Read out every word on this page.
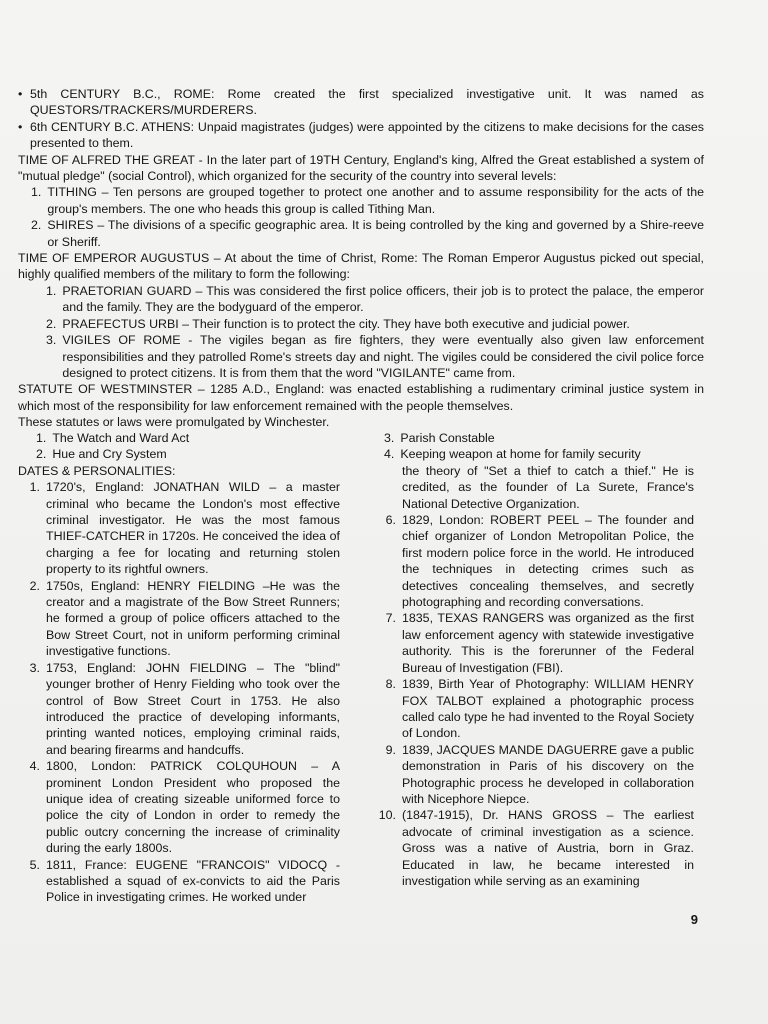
• 5th CENTURY B.C., ROME: Rome created the first specialized investigative unit. It was named as QUESTORS/TRACKERS/MURDERERS.
• 6th CENTURY B.C. ATHENS: Unpaid magistrates (judges) were appointed by the citizens to make decisions for the cases presented to them.

TIME OF ALFRED THE GREAT - In the later part of 19TH Century, England's king, Alfred the Great established a system of "mutual pledge" (social Control), which organized for the security of the country into several levels:

1. TITHING – Ten persons are grouped together to protect one another and to assume responsibility for the acts of the group's members. The one who heads this group is called Tithing Man.
2. SHIRES – The divisions of a specific geographic area. It is being controlled by the king and governed by a Shire-reeve or Sheriff.

TIME OF EMPEROR AUGUSTUS – At about the time of Christ, Rome: The Roman Emperor Augustus picked out special, highly qualified members of the military to form the following:

1. PRAETORIAN GUARD – This was considered the first police officers, their job is to protect the palace, the emperor and the family. They are the bodyguard of the emperor.
2. PRAEFECTUS URBI – Their function is to protect the city. They have both executive and judicial power.
3. VIGILES OF ROME - The vigiles began as fire fighters, they were eventually also given law enforcement responsibilities and they patrolled Rome's streets day and night. The vigiles could be considered the civil police force designed to protect citizens. It is from them that the word "VIGILANTE" came from.

STATUTE OF WESTMINSTER – 1285 A.D., England: was enacted establishing a rudimentary criminal justice system in which most of the responsibility for law enforcement remained with the people themselves.

These statutes or laws were promulgated by Winchester.

1. The Watch and Ward Act
2. Hue and Cry System
DATES & PERSONALITIES:
1. 1720's, England: JONATHAN WILD – a master criminal who became the London's most effective criminal investigator. He was the most famous THIEF-CATCHER in 1720s. He conceived the idea of charging a fee for locating and returning stolen property to its rightful owners.
2. 1750s, England: HENRY FIELDING –He was the creator and a magistrate of the Bow Street Runners; he formed a group of police officers attached to the Bow Street Court, not in uniform performing criminal investigative functions.
3. 1753, England: JOHN FIELDING – The "blind" younger brother of Henry Fielding who took over the control of Bow Street Court in 1753. He also introduced the practice of developing informants, printing wanted notices, employing criminal raids, and bearing firearms and handcuffs.
4. 1800, London: PATRICK COLQUHOUN – A prominent London President who proposed the unique idea of creating sizeable uniformed force to police the city of London in order to remedy the public outcry concerning the increase of criminality during the early 1800s.
5. 1811, France: EUGENE "FRANCOIS" VIDOCQ - established a squad of ex-convicts to aid the Paris Police in investigating crimes. He worked under
3. Parish Constable
4. Keeping weapon at home for family security
the theory of "Set a thief to catch a thief." He is credited, as the founder of La Surete, France's National Detective Organization.
6. 1829, London: ROBERT PEEL – The founder and chief organizer of London Metropolitan Police, the first modern police force in the world. He introduced the techniques in detecting crimes such as detectives concealing themselves, and secretly photographing and recording conversations.
7. 1835, TEXAS RANGERS was organized as the first law enforcement agency with statewide investigative authority. This is the forerunner of the Federal Bureau of Investigation (FBI).
8. 1839, Birth Year of Photography: WILLIAM HENRY FOX TALBOT explained a photographic process called calo type he had invented to the Royal Society of London.
9. 1839, JACQUES MANDE DAGUERRE gave a public demonstration in Paris of his discovery on the Photographic process he developed in collaboration with Nicephore Niepce.
10. (1847-1915), Dr. HANS GROSS – The earliest advocate of criminal investigation as a science. Gross was a native of Austria, born in Graz. Educated in law, he became interested in investigation while serving as an examining
9
